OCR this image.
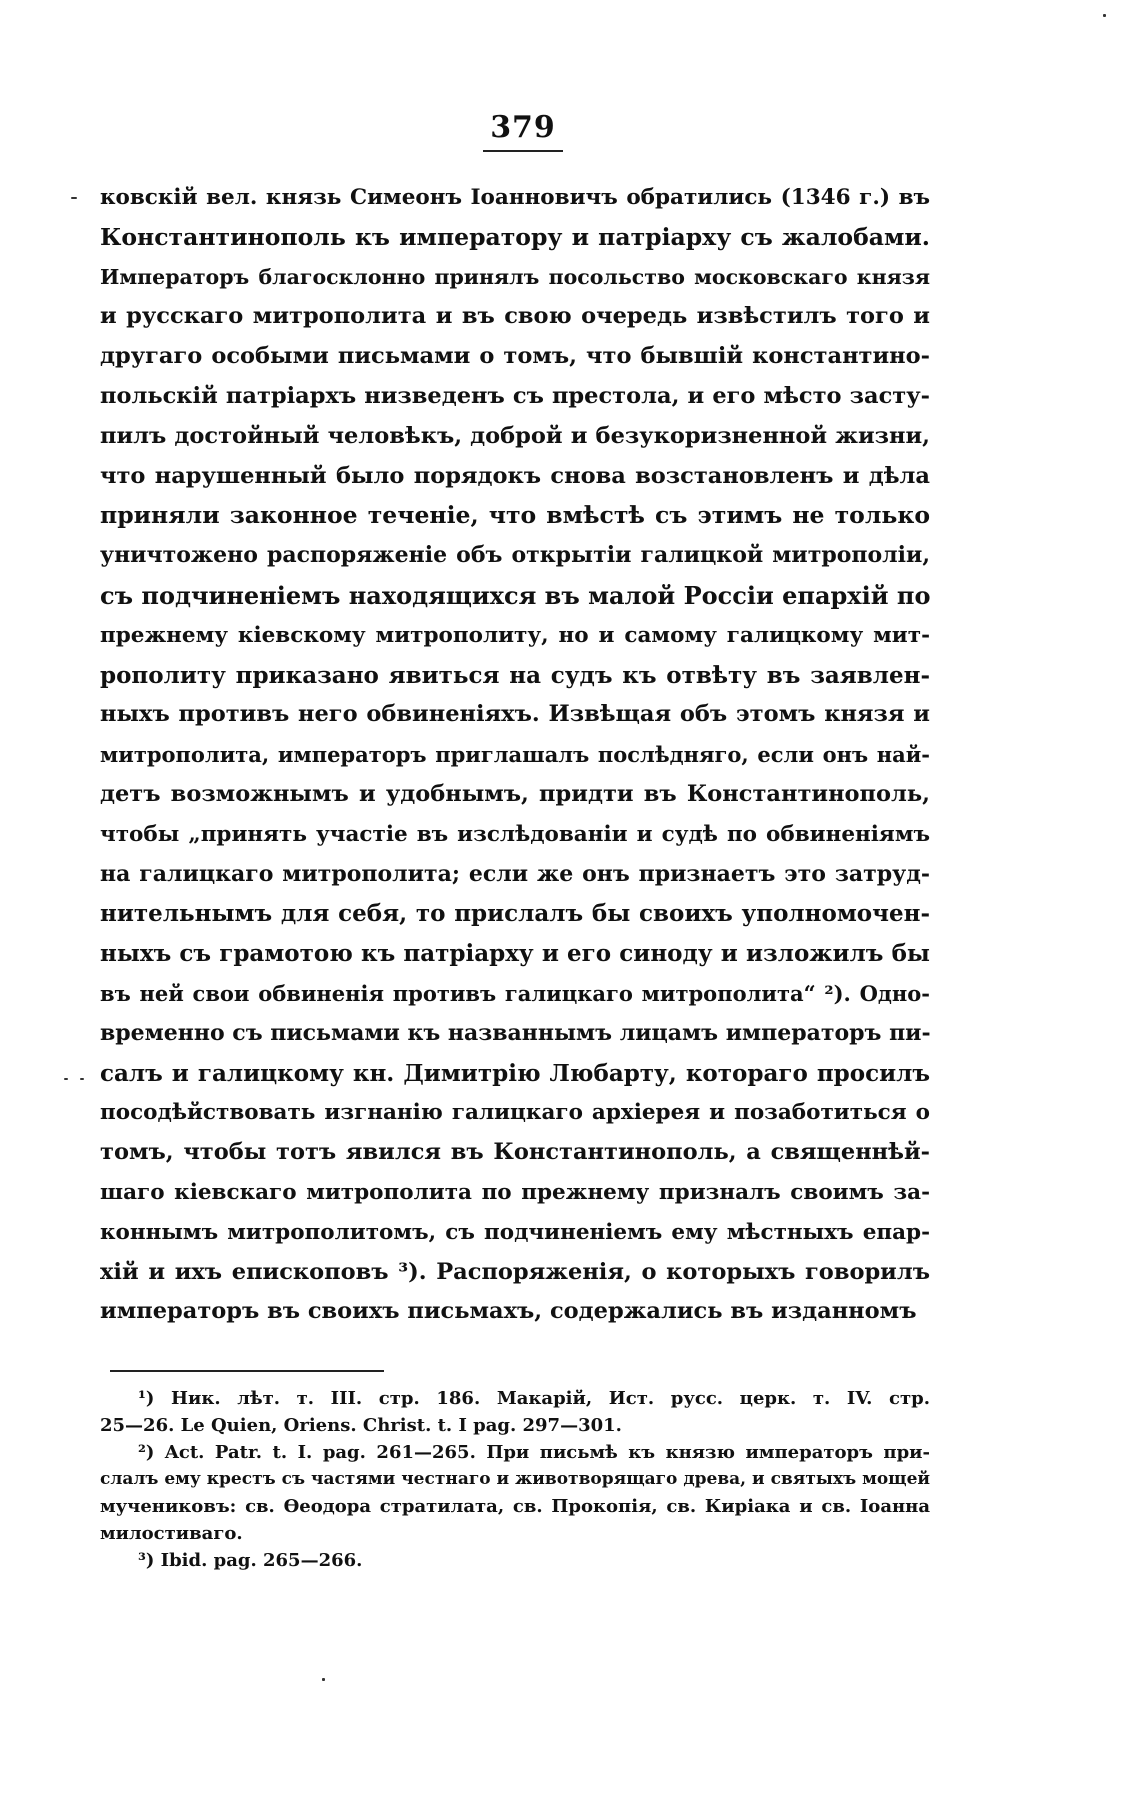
379
ковскій вел. князь Симеонъ Іоанновичъ обратились (1346 г.) въ
Константинополь къ императору и патріарху съ жалобами.
Императоръ благосклонно принялъ посольство московскаго князя
и русскаго митрополита и въ свою очередь извѣстилъ того и
другаго особыми письмами о томъ, что бывшій константино-
польскій патріархъ низведенъ съ престола, и его мѣсто засту-
пилъ достойный человѣкъ, доброй и безукоризненной жизни,
что нарушенный было порядокъ снова возстановленъ и дѣла
приняли законное теченіе, что вмѣстѣ съ этимъ не только
уничтожено распоряженіе объ открытіи галицкой митрополіи,
съ подчиненіемъ находящихся въ малой Россіи епархій по
прежнему кіевскому митрополиту, но и самому галицкому мит-
рополиту приказано явиться на судъ къ отвѣту въ заявлен-
ныхъ противъ него обвиненіяхъ. Извѣщая объ этомъ князя и
митрополита, императоръ приглашалъ послѣдняго, если онъ най-
детъ возможнымъ и удобнымъ, придти въ Константинополь,
чтобы „принять участіе въ изслѣдованіи и судѣ по обвиненіямъ
на галицкаго митрополита; если же онъ признаетъ это затруд-
нительнымъ для себя, то прислалъ бы своихъ уполномочен-
ныхъ съ грамотою къ патріарху и его синоду и изложилъ бы
въ ней свои обвиненія противъ галицкаго митрополита“ ²). Одно-
временно съ письмами къ названнымъ лицамъ императоръ пи-
салъ и галицкому кн. Димитрію Любарту, котораго просилъ
посодѣйствовать изгнанію галицкаго архіерея и позаботиться о
томъ, чтобы тотъ явился въ Константинополь, а священнѣй-
шаго кіевскаго митрополита по прежнему призналъ своимъ за-
коннымъ митрополитомъ, съ подчиненіемъ ему мѣстныхъ епар-
хій и ихъ епископовъ ³). Распоряженія, о которыхъ говорилъ
императоръ въ своихъ письмахъ, содержались въ изданномъ
¹) Ник. лѣт. т. III. стр. 186. Макарій, Ист. русс. церк. т. IV. стр.
25—26. Le Quien, Oriens. Christ. t. I pag. 297—301.
²) Act. Patr. t. I. pag. 261—265. При письмѣ къ князю императоръ при-
слалъ ему крестъ съ частями честнаго и животворящаго древа, и святыхъ мощей
мучениковъ: св. Ѳеодора стратилата, св. Прокопія, св. Киріака и св. Іоанна
милостиваго.
³) Ibid. pag. 265—266.
